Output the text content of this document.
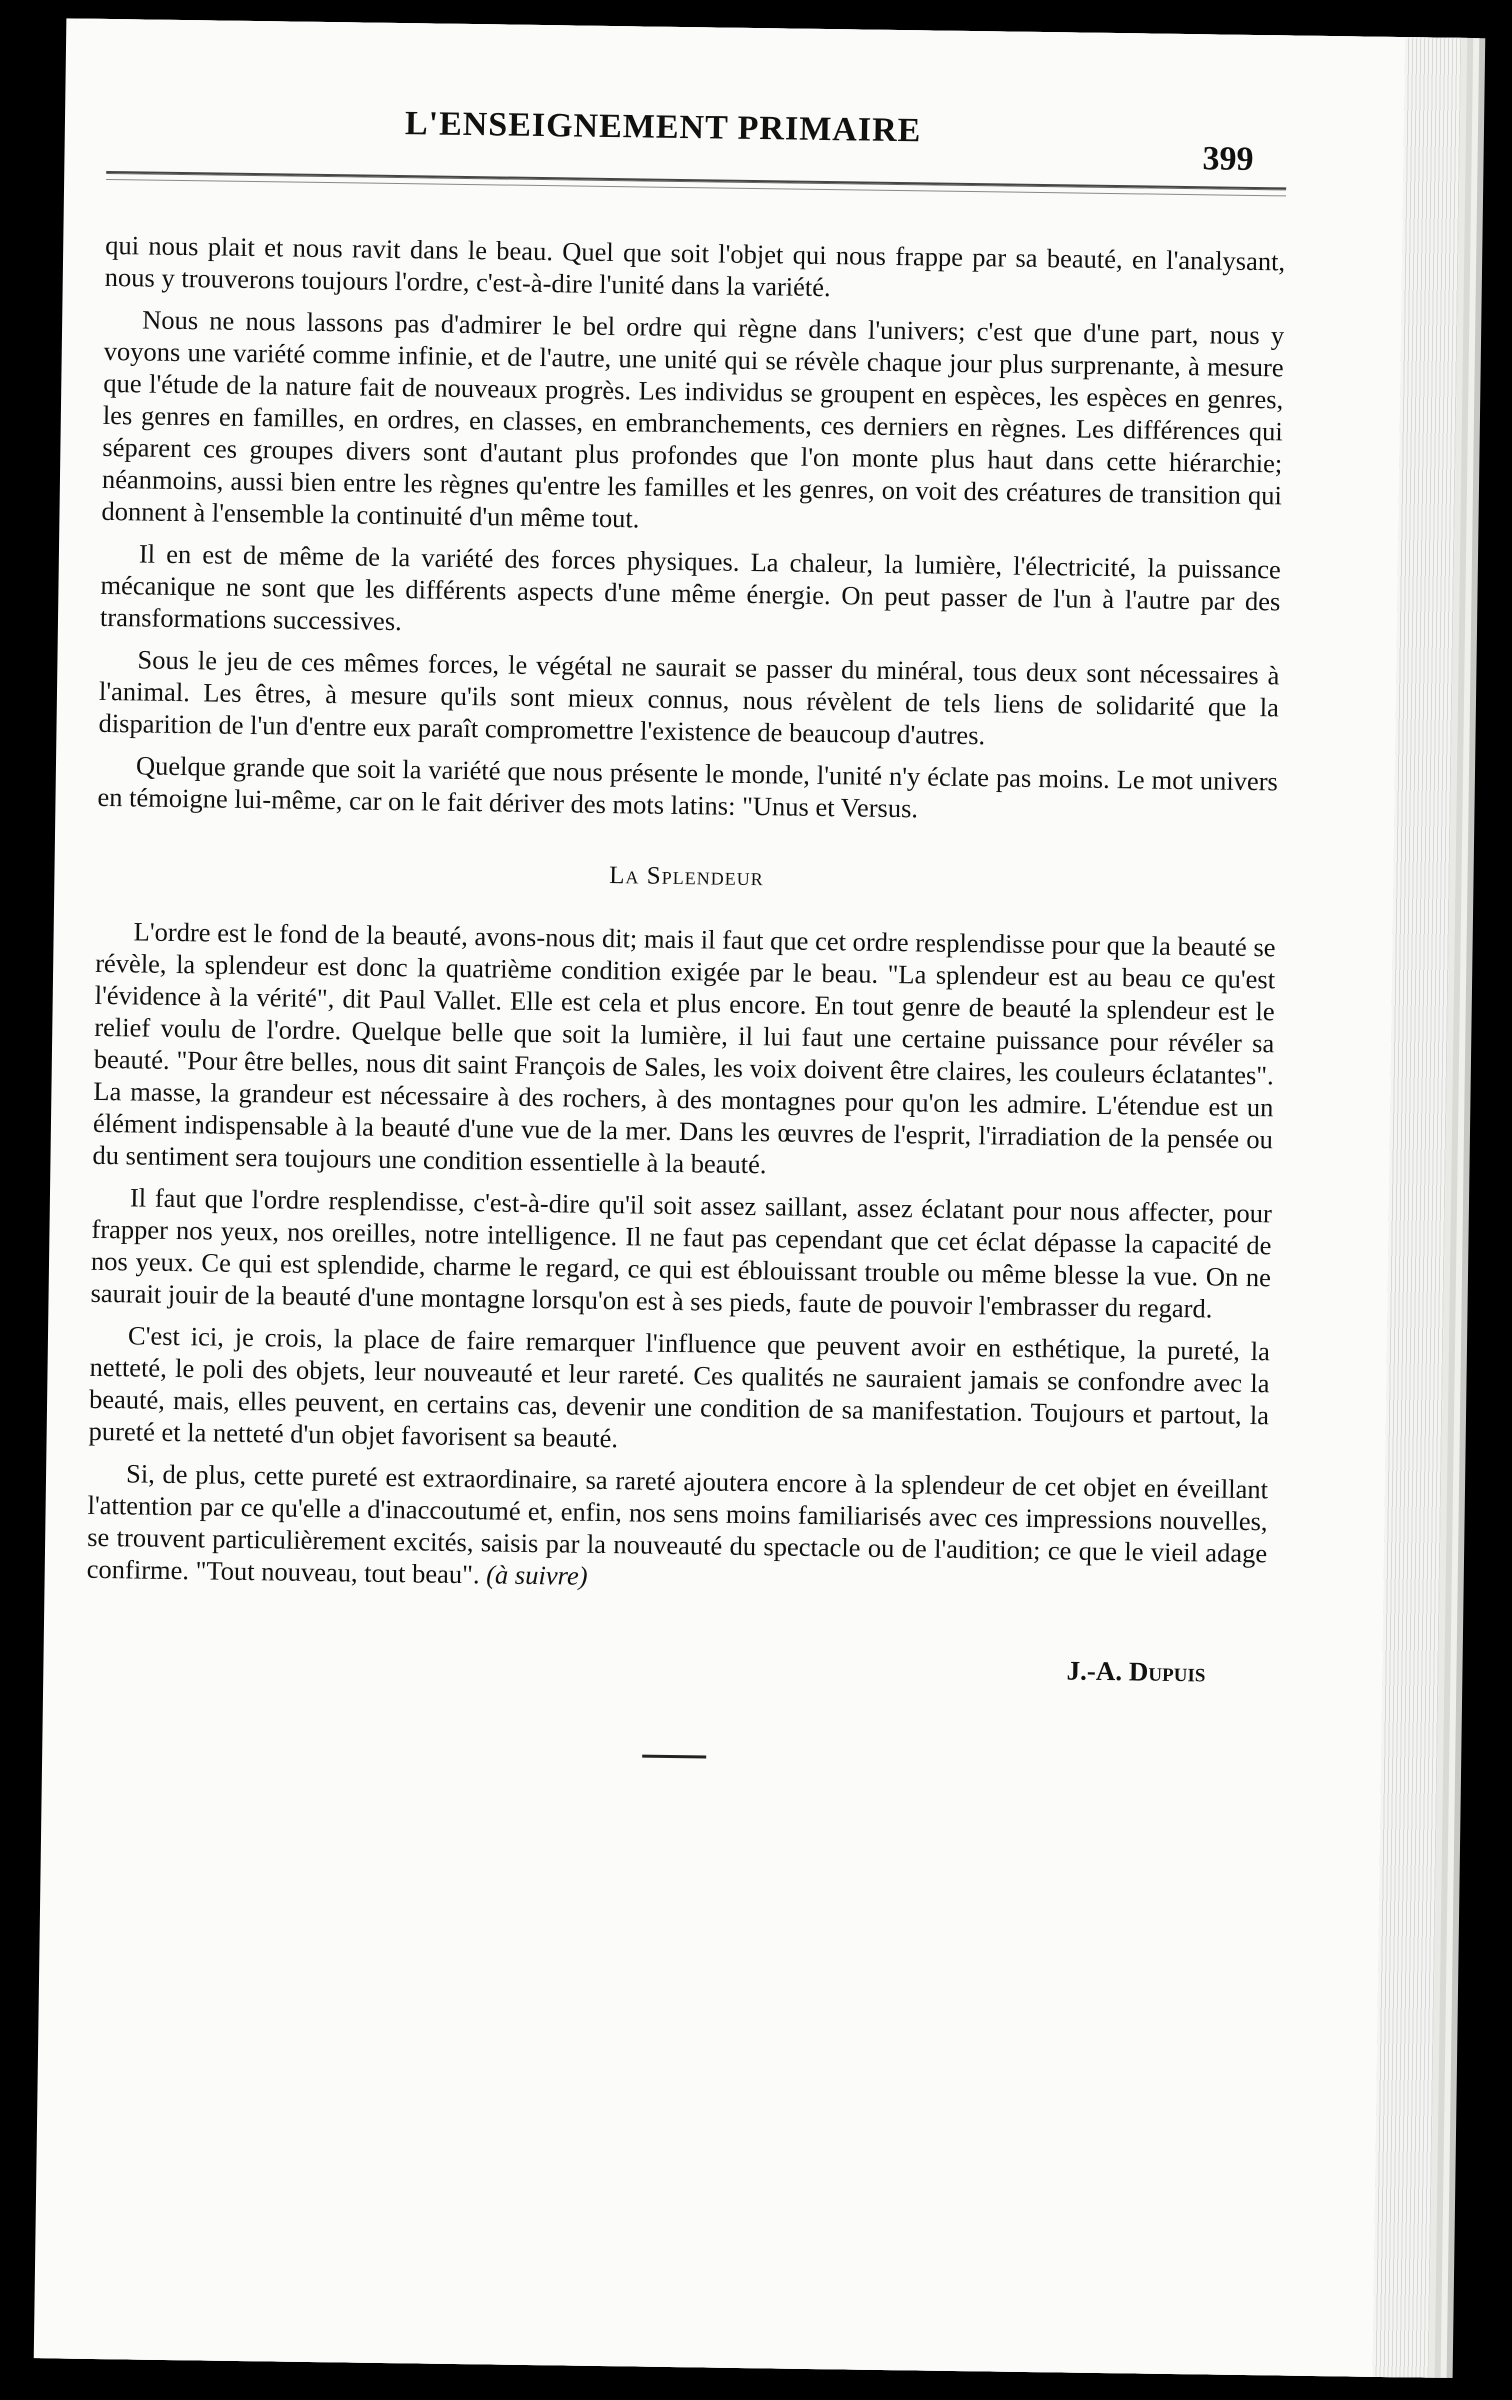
L'ENSEIGNEMENT PRIMAIRE
399

qui nous plait et nous ravit dans le beau. Quel que soit l'objet qui nous frappe par sa beauté, en l'analysant, nous y trouverons toujours l'ordre, c'est-à-dire l'unité dans la variété.

Nous ne nous lassons pas d'admirer le bel ordre qui règne dans l'univers; c'est que d'une part, nous y voyons une variété comme infinie, et de l'autre, une unité qui se révèle chaque jour plus surprenante, à mesure que l'étude de la nature fait de nouveaux progrès. Les individus se groupent en espèces, les espèces en genres, les genres en familles, en ordres, en classes, en embranchements, ces derniers en règnes. Les différences qui séparent ces groupes divers sont d'autant plus profondes que l'on monte plus haut dans cette hiérarchie; néanmoins, aussi bien entre les règnes qu'entre les familles et les genres, on voit des créatures de transition qui donnent à l'ensemble la continuité d'un même tout.

Il en est de même de la variété des forces physiques. La chaleur, la lumière, l'électricité, la puissance mécanique ne sont que les différents aspects d'une même énergie. On peut passer de l'un à l'autre par des transformations successives.

Sous le jeu de ces mêmes forces, le végétal ne saurait se passer du minéral, tous deux sont nécessaires à l'animal. Les êtres, à mesure qu'ils sont mieux connus, nous révèlent de tels liens de solidarité que la disparition de l'un d'entre eux paraît compromettre l'existence de beaucoup d'autres.

Quelque grande que soit la variété que nous présente le monde, l'unité n'y éclate pas moins. Le mot univers en témoigne lui-même, car on le fait dériver des mots latins: "Unus et Versus.

La Splendeur

L'ordre est le fond de la beauté, avons-nous dit; mais il faut que cet ordre resplendisse pour que la beauté se révèle, la splendeur est donc la quatrième condition exigée par le beau. "La splendeur est au beau ce qu'est l'évidence à la vérité", dit Paul Vallet. Elle est cela et plus encore. En tout genre de beauté la splendeur est le relief voulu de l'ordre. Quelque belle que soit la lumière, il lui faut une certaine puissance pour révéler sa beauté. "Pour être belles, nous dit saint François de Sales, les voix doivent être claires, les couleurs éclatantes". La masse, la grandeur est nécessaire à des rochers, à des montagnes pour qu'on les admire. L'étendue est un élément indispensable à la beauté d'une vue de la mer. Dans les œuvres de l'esprit, l'irradiation de la pensée ou du sentiment sera toujours une condition essentielle à la beauté.

Il faut que l'ordre resplendisse, c'est-à-dire qu'il soit assez saillant, assez éclatant pour nous affecter, pour frapper nos yeux, nos oreilles, notre intelligence. Il ne faut pas cependant que cet éclat dépasse la capacité de nos yeux. Ce qui est splendide, charme le regard, ce qui est éblouissant trouble ou même blesse la vue. On ne saurait jouir de la beauté d'une montagne lorsqu'on est à ses pieds, faute de pouvoir l'embrasser du regard.

C'est ici, je crois, la place de faire remarquer l'influence que peuvent avoir en esthétique, la pureté, la netteté, le poli des objets, leur nouveauté et leur rareté. Ces qualités ne sauraient jamais se confondre avec la beauté, mais, elles peuvent, en certains cas, devenir une condition de sa manifestation. Toujours et partout, la pureté et la netteté d'un objet favorisent sa beauté.

Si, de plus, cette pureté est extraordinaire, sa rareté ajoutera encore à la splendeur de cet objet en éveillant l'attention par ce qu'elle a d'inaccoutumé et, enfin, nos sens moins familiarisés avec ces impressions nouvelles, se trouvent particulièrement excités, saisis par la nouveauté du spectacle ou de l'audition; ce que le vieil adage confirme. "Tout nouveau, tout beau". (à suivre)

J.-A. Dupuis
